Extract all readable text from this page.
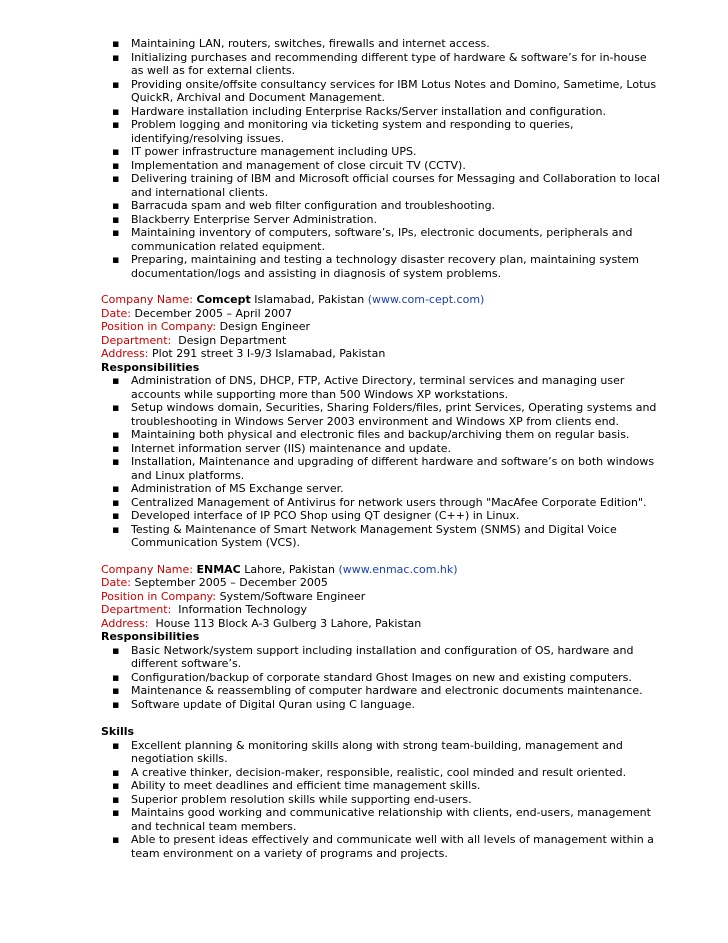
▪ Maintaining LAN, routers, switches, firewalls and internet access.
▪ Initializing purchases and recommending different type of hardware & software’s for in-house as well as for external clients.
▪ Providing onsite/offsite consultancy services for IBM Lotus Notes and Domino, Sametime, Lotus QuickR, Archival and Document Management.
▪ Hardware installation including Enterprise Racks/Server installation and configuration.
▪ Problem logging and monitoring via ticketing system and responding to queries, identifying/resolving issues.
▪ IT power infrastructure management including UPS.
▪ Implementation and management of close circuit TV (CCTV).
▪ Delivering training of IBM and Microsoft official courses for Messaging and Collaboration to local and international clients.
▪ Barracuda spam and web filter configuration and troubleshooting.
▪ Blackberry Enterprise Server Administration.
▪ Maintaining inventory of computers, software’s, IPs, electronic documents, peripherals and communication related equipment.
▪ Preparing, maintaining and testing a technology disaster recovery plan, maintaining system documentation/logs and assisting in diagnosis of system problems.
Company Name: Comcept Islamabad, Pakistan (www.com-cept.com)
Date: December 2005 – April 2007
Position in Company: Design Engineer
Department:  Design Department
Address: Plot 291 street 3 I-9/3 Islamabad, Pakistan
Responsibilities
▪ Administration of DNS, DHCP, FTP, Active Directory, terminal services and managing user accounts while supporting more than 500 Windows XP workstations.
▪ Setup windows domain, Securities, Sharing Folders/files, print Services, Operating systems and troubleshooting in Windows Server 2003 environment and Windows XP from clients end.
▪ Maintaining both physical and electronic files and backup/archiving them on regular basis.
▪ Internet information server (IIS) maintenance and update.
▪ Installation, Maintenance and upgrading of different hardware and software’s on both windows and Linux platforms.
▪ Administration of MS Exchange server.
▪ Centralized Management of Antivirus for network users through "MacAfee Corporate Edition".
▪ Developed interface of IP PCO Shop using QT designer (C++) in Linux.
▪ Testing & Maintenance of Smart Network Management System (SNMS) and Digital Voice Communication System (VCS).
Company Name: ENMAC Lahore, Pakistan (www.enmac.com.hk)
Date: September 2005 – December 2005
Position in Company: System/Software Engineer
Department:  Information Technology
Address:  House 113 Block A-3 Gulberg 3 Lahore, Pakistan
Responsibilities
▪ Basic Network/system support including installation and configuration of OS, hardware and different software’s.
▪ Configuration/backup of corporate standard Ghost Images on new and existing computers.
▪ Maintenance & reassembling of computer hardware and electronic documents maintenance.
▪ Software update of Digital Quran using C language.
Skills
▪ Excellent planning & monitoring skills along with strong team-building, management and negotiation skills.
▪ A creative thinker, decision-maker, responsible, realistic, cool minded and result oriented.
▪ Ability to meet deadlines and efficient time management skills.
▪ Superior problem resolution skills while supporting end-users.
▪ Maintains good working and communicative relationship with clients, end-users, management and technical team members.
▪ Able to present ideas effectively and communicate well with all levels of management within a team environment on a variety of programs and projects.
